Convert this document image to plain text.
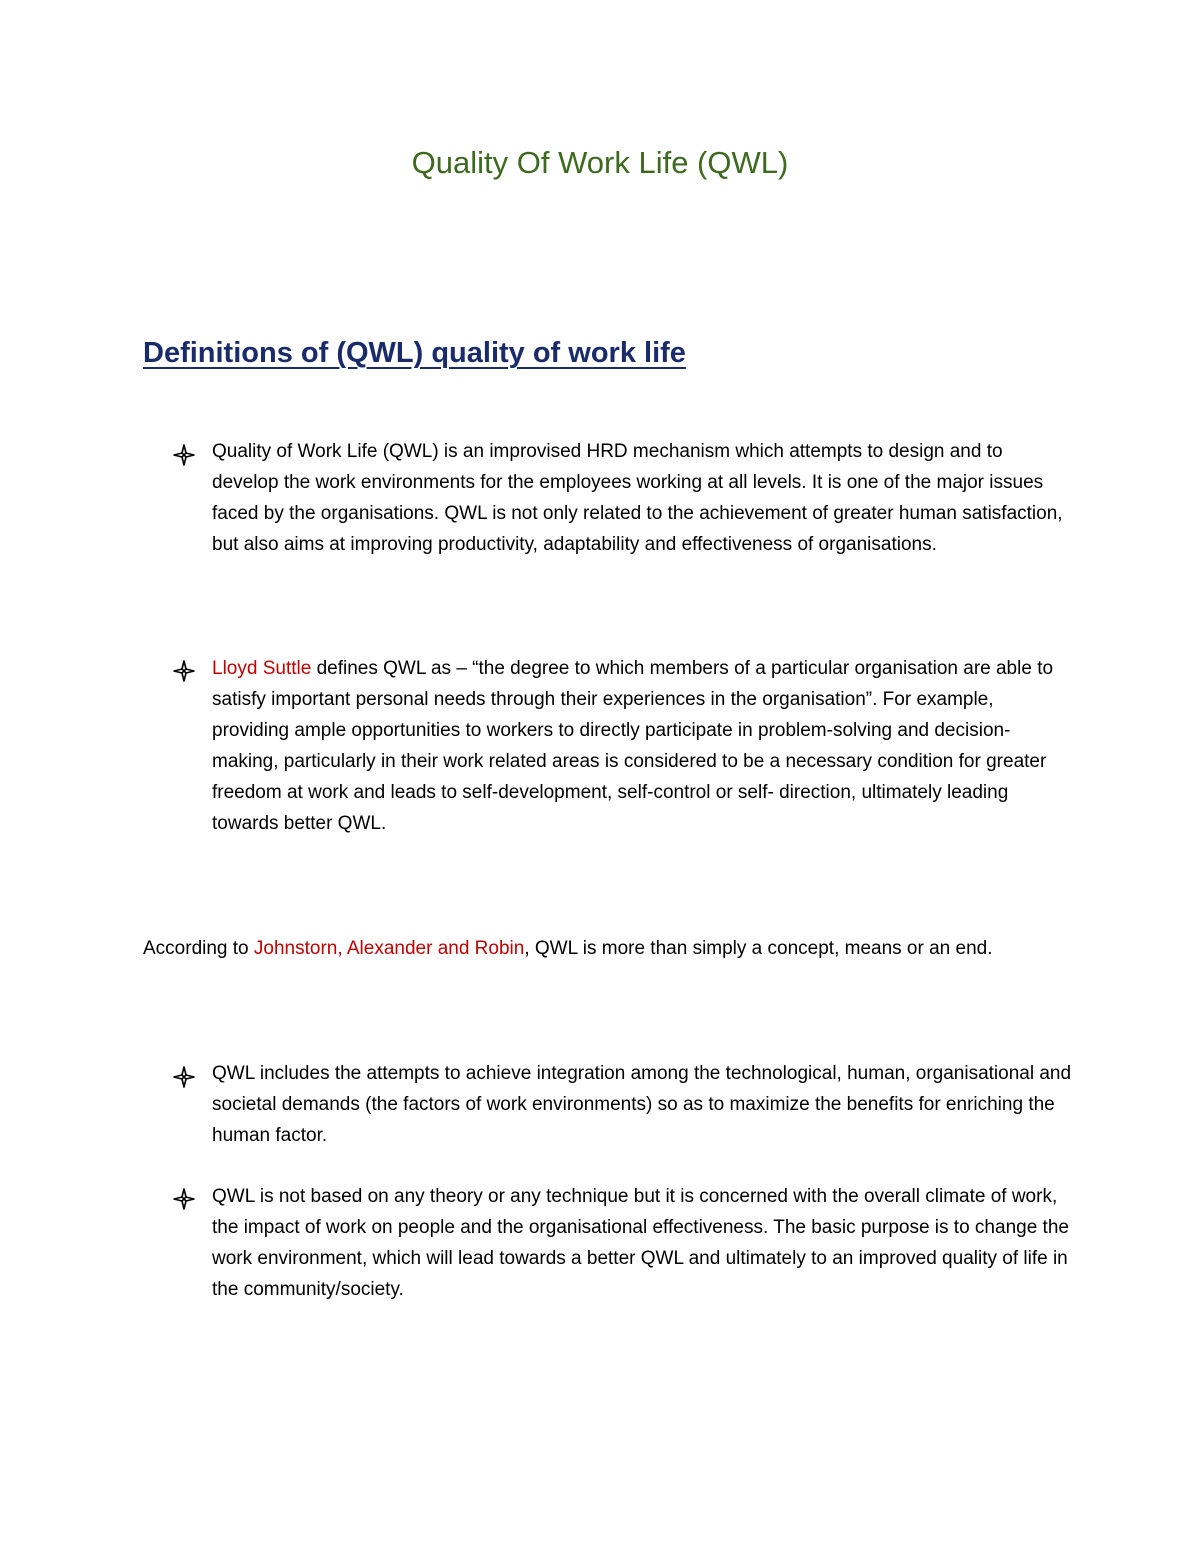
Quality Of Work Life (QWL)
Definitions of (QWL) quality of work life

Quality of Work Life (QWL) is an improvised HRD mechanism which attempts to design and to develop the work environments for the employees working at all levels. It is one of the major issues faced by the organisations. QWL is not only related to the achievement of greater human satisfaction, but also aims at improving productivity, adaptability and effectiveness of organisations.

Lloyd Suttle defines QWL as – “the degree to which members of a particular organisation are able to satisfy important personal needs through their experiences in the organisation”. For example, providing ample opportunities to workers to directly participate in problem-solving and decision-making, particularly in their work related areas is considered to be a necessary condition for greater freedom at work and leads to self-development, self-control or self- direction, ultimately leading towards better QWL.

According to Johnstorn, Alexander and Robin, QWL is more than simply a concept, means or an end.

QWL includes the attempts to achieve integration among the technological, human, organisational and societal demands (the factors of work environments) so as to maximize the benefits for enriching the human factor.

QWL is not based on any theory or any technique but it is concerned with the overall climate of work, the impact of work on people and the organisational effectiveness. The basic purpose is to change the work environment, which will lead towards a better QWL and ultimately to an improved quality of life in the community/society.
